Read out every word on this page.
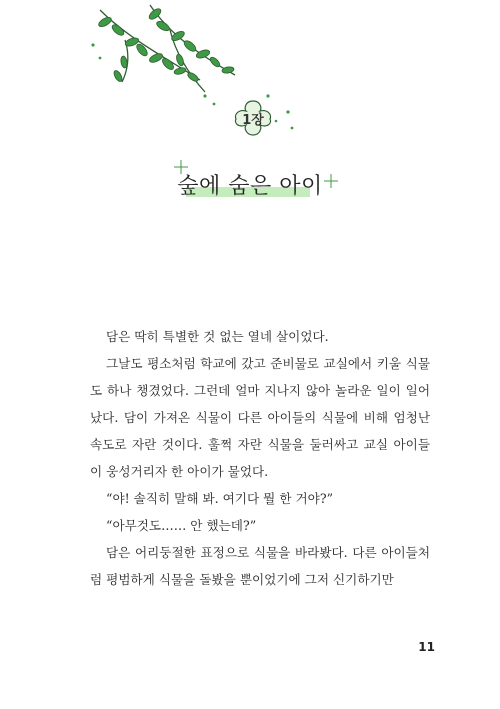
1장
숲에 숨은 아이

담은 딱히 특별한 것 없는 열네 살이었다.

그날도 평소처럼 학교에 갔고 준비물로 교실에서 키울 식물도 하나 챙겼었다. 그런데 얼마 지나지 않아 놀라운 일이 일어났다. 담이 가져온 식물이 다른 아이들의 식물에 비해 엄청난 속도로 자란 것이다. 훌쩍 자란 식물을 둘러싸고 교실 아이들이 웅성거리자 한 아이가 물었다.

“야! 솔직히 말해 봐. 여기다 뭘 한 거야?”

“아무것도…… 안 했는데?”

담은 어리둥절한 표정으로 식물을 바라봤다. 다른 아이들처럼 평범하게 식물을 돌봤을 뿐이었기에 그저 신기하기만

11
